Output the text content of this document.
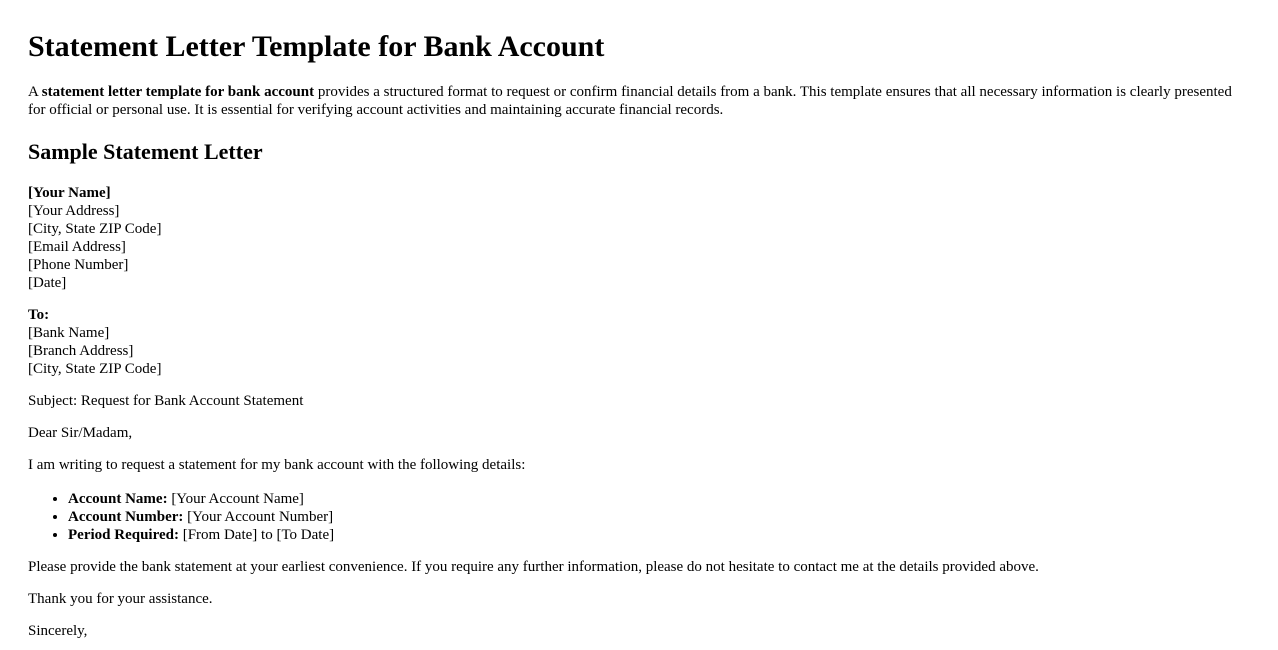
Statement Letter Template for Bank Account

A statement letter template for bank account provides a structured format to request or confirm financial details from a bank. This template ensures that all necessary information is clearly presented for official or personal use. It is essential for verifying account activities and maintaining accurate financial records.

Sample Statement Letter

[Your Name]
[Your Address]
[City, State ZIP Code]
[Email Address]
[Phone Number]
[Date]

To:
[Bank Name]
[Branch Address]
[City, State ZIP Code]

Subject: Request for Bank Account Statement

Dear Sir/Madam,

I am writing to request a statement for my bank account with the following details:

• Account Name: [Your Account Name]
• Account Number: [Your Account Number]
• Period Required: [From Date] to [To Date]

Please provide the bank statement at your earliest convenience. If you require any further information, please do not hesitate to contact me at the details provided above.

Thank you for your assistance.

Sincerely,
